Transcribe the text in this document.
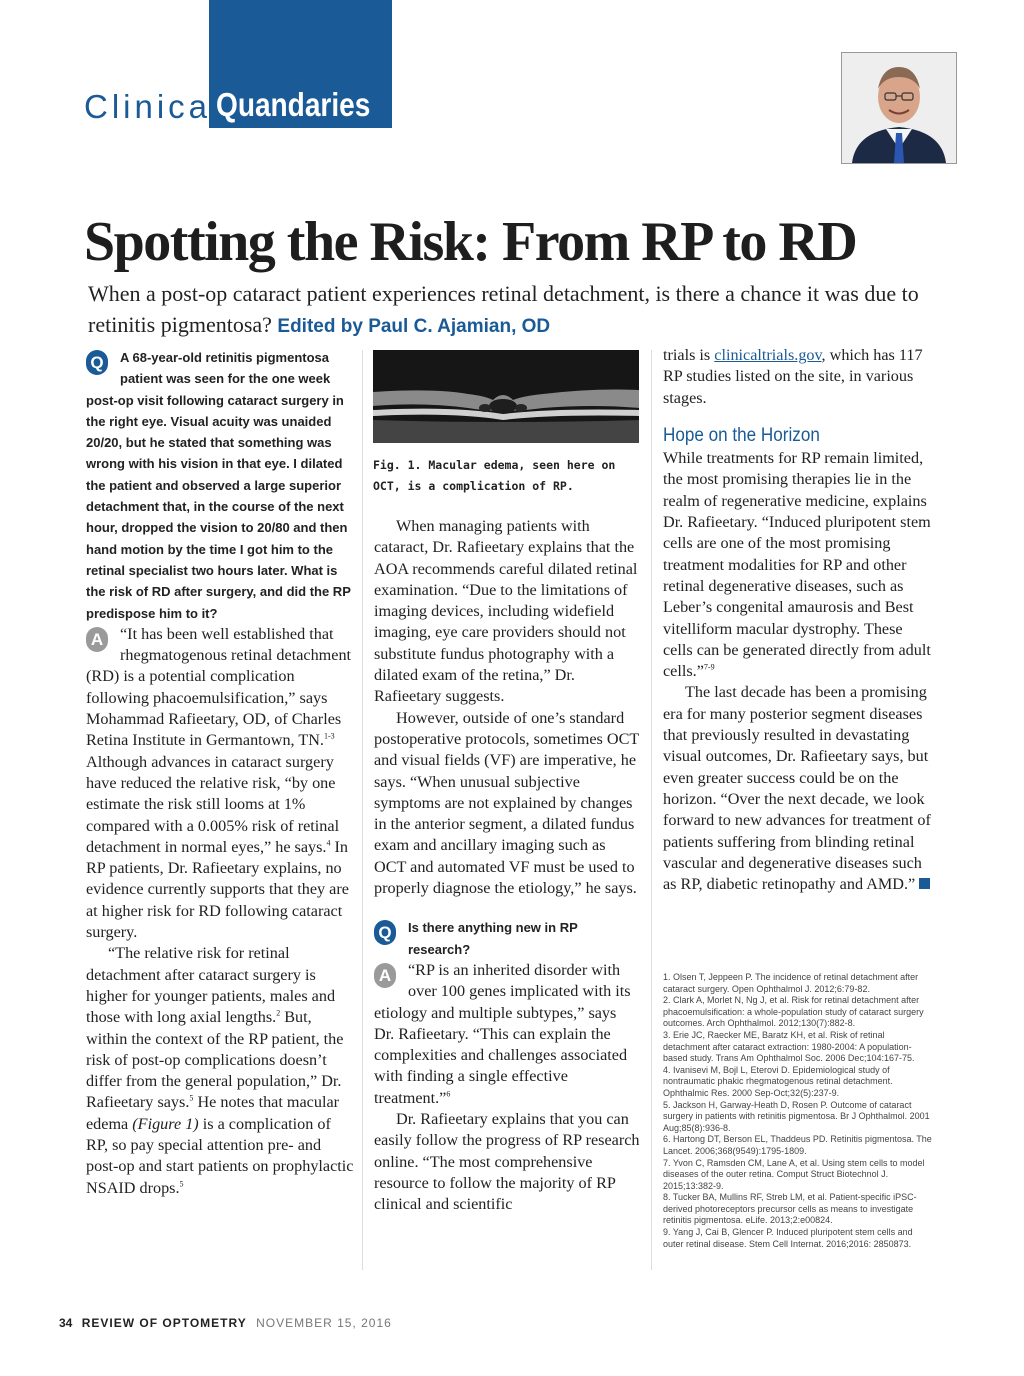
Clinical
Quandaries
Spotting the Risk: From RP to RD
When a post-op cataract patient experiences retinal detachment, is there a chance it was due to retinitis pigmentosa? Edited by Paul C. Ajamian, OD

Q	A 68-year-old retinitis pigmentosa patient was seen for the one week post-op visit following cataract surgery in the right eye. Visual acuity was unaided 20/20, but he stated that something was wrong with his vision in that eye. I dilated the patient and observed a large superior detachment that, in the course of the next hour, dropped the vision to 20/80 and then hand motion by the time I got him to the retinal specialist two hours later. What is the risk of RD after surgery, and did the RP predispose him to it?

A “It has been well established that rhegmatogenous retinal detachment (RD) is a potential complication following phacoemulsification,” says Mohammad Rafieetary, OD, of Charles Retina Institute in Germantown, TN.$^{1-3}$ Although advances in cataract surgery have reduced the relative risk, “by one estimate the risk still looms at 1% compared with a 0.005% risk of retinal detachment in normal eyes,” he says.$^4$ In RP patients, Dr. Rafieetary explains, no evidence currently supports that they are at higher risk for RD following cataract surgery.

“The relative risk for retinal detachment after cataract surgery is higher for younger patients, males and those with long axial lengths.$^2$ But, within the context of the RP patient, the risk of post-op complications doesn’t differ from the general population,” Dr. Rafieetary says.$^5$ He notes that macular edema (Figure 1) is a complication of RP, so pay special attention pre- and post-op and start patients on prophylactic NSAID drops.$^5$

Fig. 1. Macular edema, seen here on OCT, is a complication of RP.

When managing patients with cataract, Dr. Rafieetary explains that the AOA recommends careful dilated retinal examination. “Due to the limitations of imaging devices, including widefield imaging, eye care providers should not substitute fundus photography with a dilated exam of the retina,” Dr. Rafieetary suggests.

However, outside of one’s standard postoperative protocols, sometimes OCT and visual fields (VF) are imperative, he says. “When unusual subjective symptoms are not explained by changes in the anterior segment, a dilated fundus exam and ancillary imaging such as OCT and automated VF must be used to properly diagnose the etiology,” he says.

Q	Is there anything new in RP research?

A “RP is an inherited disorder with over 100 genes implicated with its etiology and multiple subtypes,” says Dr. Rafieetary. “This can explain the complexities and challenges associated with finding a single effective treatment.”$^6$

Dr. Rafieetary explains that you can easily follow the progress of RP research online. “The most comprehensive resource to follow the majority of RP clinical and scientific

trials is clinicaltrials.gov, which has 117 RP studies listed on the site, in various stages.

Hope on the Horizon

While treatments for RP remain limited, the most promising therapies lie in the realm of regenerative medicine, explains Dr. Rafieetary. “Induced pluripotent stem cells are one of the most promising treatment modalities for RP and other retinal degenerative diseases, such as Leber’s congenital amaurosis and Best vitelliform macular dystrophy. These cells can be generated directly from adult cells.”$^{7-9}$

The last decade has been a promising era for many posterior segment diseases that previously resulted in devastating visual outcomes, Dr. Rafieetary says, but even greater success could be on the horizon. “Over the next decade, we look forward to new advances for treatment of patients suffering from blinding retinal vascular and degenerative diseases such as RP, diabetic retinopathy and AMD.”

1. Olsen T, Jeppeen P. The incidence of retinal detachment after cataract surgery. Open Ophthalmol J. 2012;6:79-82.
2. Clark A, Morlet N, Ng J, et al. Risk for retinal detachment after phacoemulsification: a whole-population study of cataract surgery outcomes. Arch Ophthalmol. 2012;130(7):882-8.
3. Erie JC, Raecker ME, Baratz KH, et al. Risk of retinal detachment after cataract extraction: 1980-2004: A population-based study. Trans Am Ophthalmol Soc. 2006 Dec;104:167-75.
4. Ivanisevi M, Bojl L, Eterovi D. Epidemiological study of nontraumatic phakic rhegmatogenous retinal detachment. Ophthalmic Res. 2000 Sep-Oct;32(5):237-9.
5. Jackson H, Garway-Heath D, Rosen P. Outcome of cataract surgery in patients with retinitis pigmentosa. Br J Ophthalmol. 2001 Aug;85(8):936-8.
6. Hartong DT, Berson EL, Thaddeus PD. Retinitis pigmentosa. The Lancet. 2006;368(9549):1795-1809.
7. Yvon C, Ramsden CM, Lane A, et al. Using stem cells to model diseases of the outer retina. Comput Struct Biotechnol J. 2015;13:382-9.
8. Tucker BA, Mullins RF, Streb LM, et al. Patient-specific iPSC-derived photoreceptors precursor cells as means to investigate retinitis pigmentosa. eLife. 2013;2:e00824.
9. Yang J, Cai B, Glencer P. Induced pluripotent stem cells and outer retinal disease. Stem Cell Internat. 2016;2016: 2850873.
34 REVIEW OF OPTOMETRY NOVEMBER 15, 2016
